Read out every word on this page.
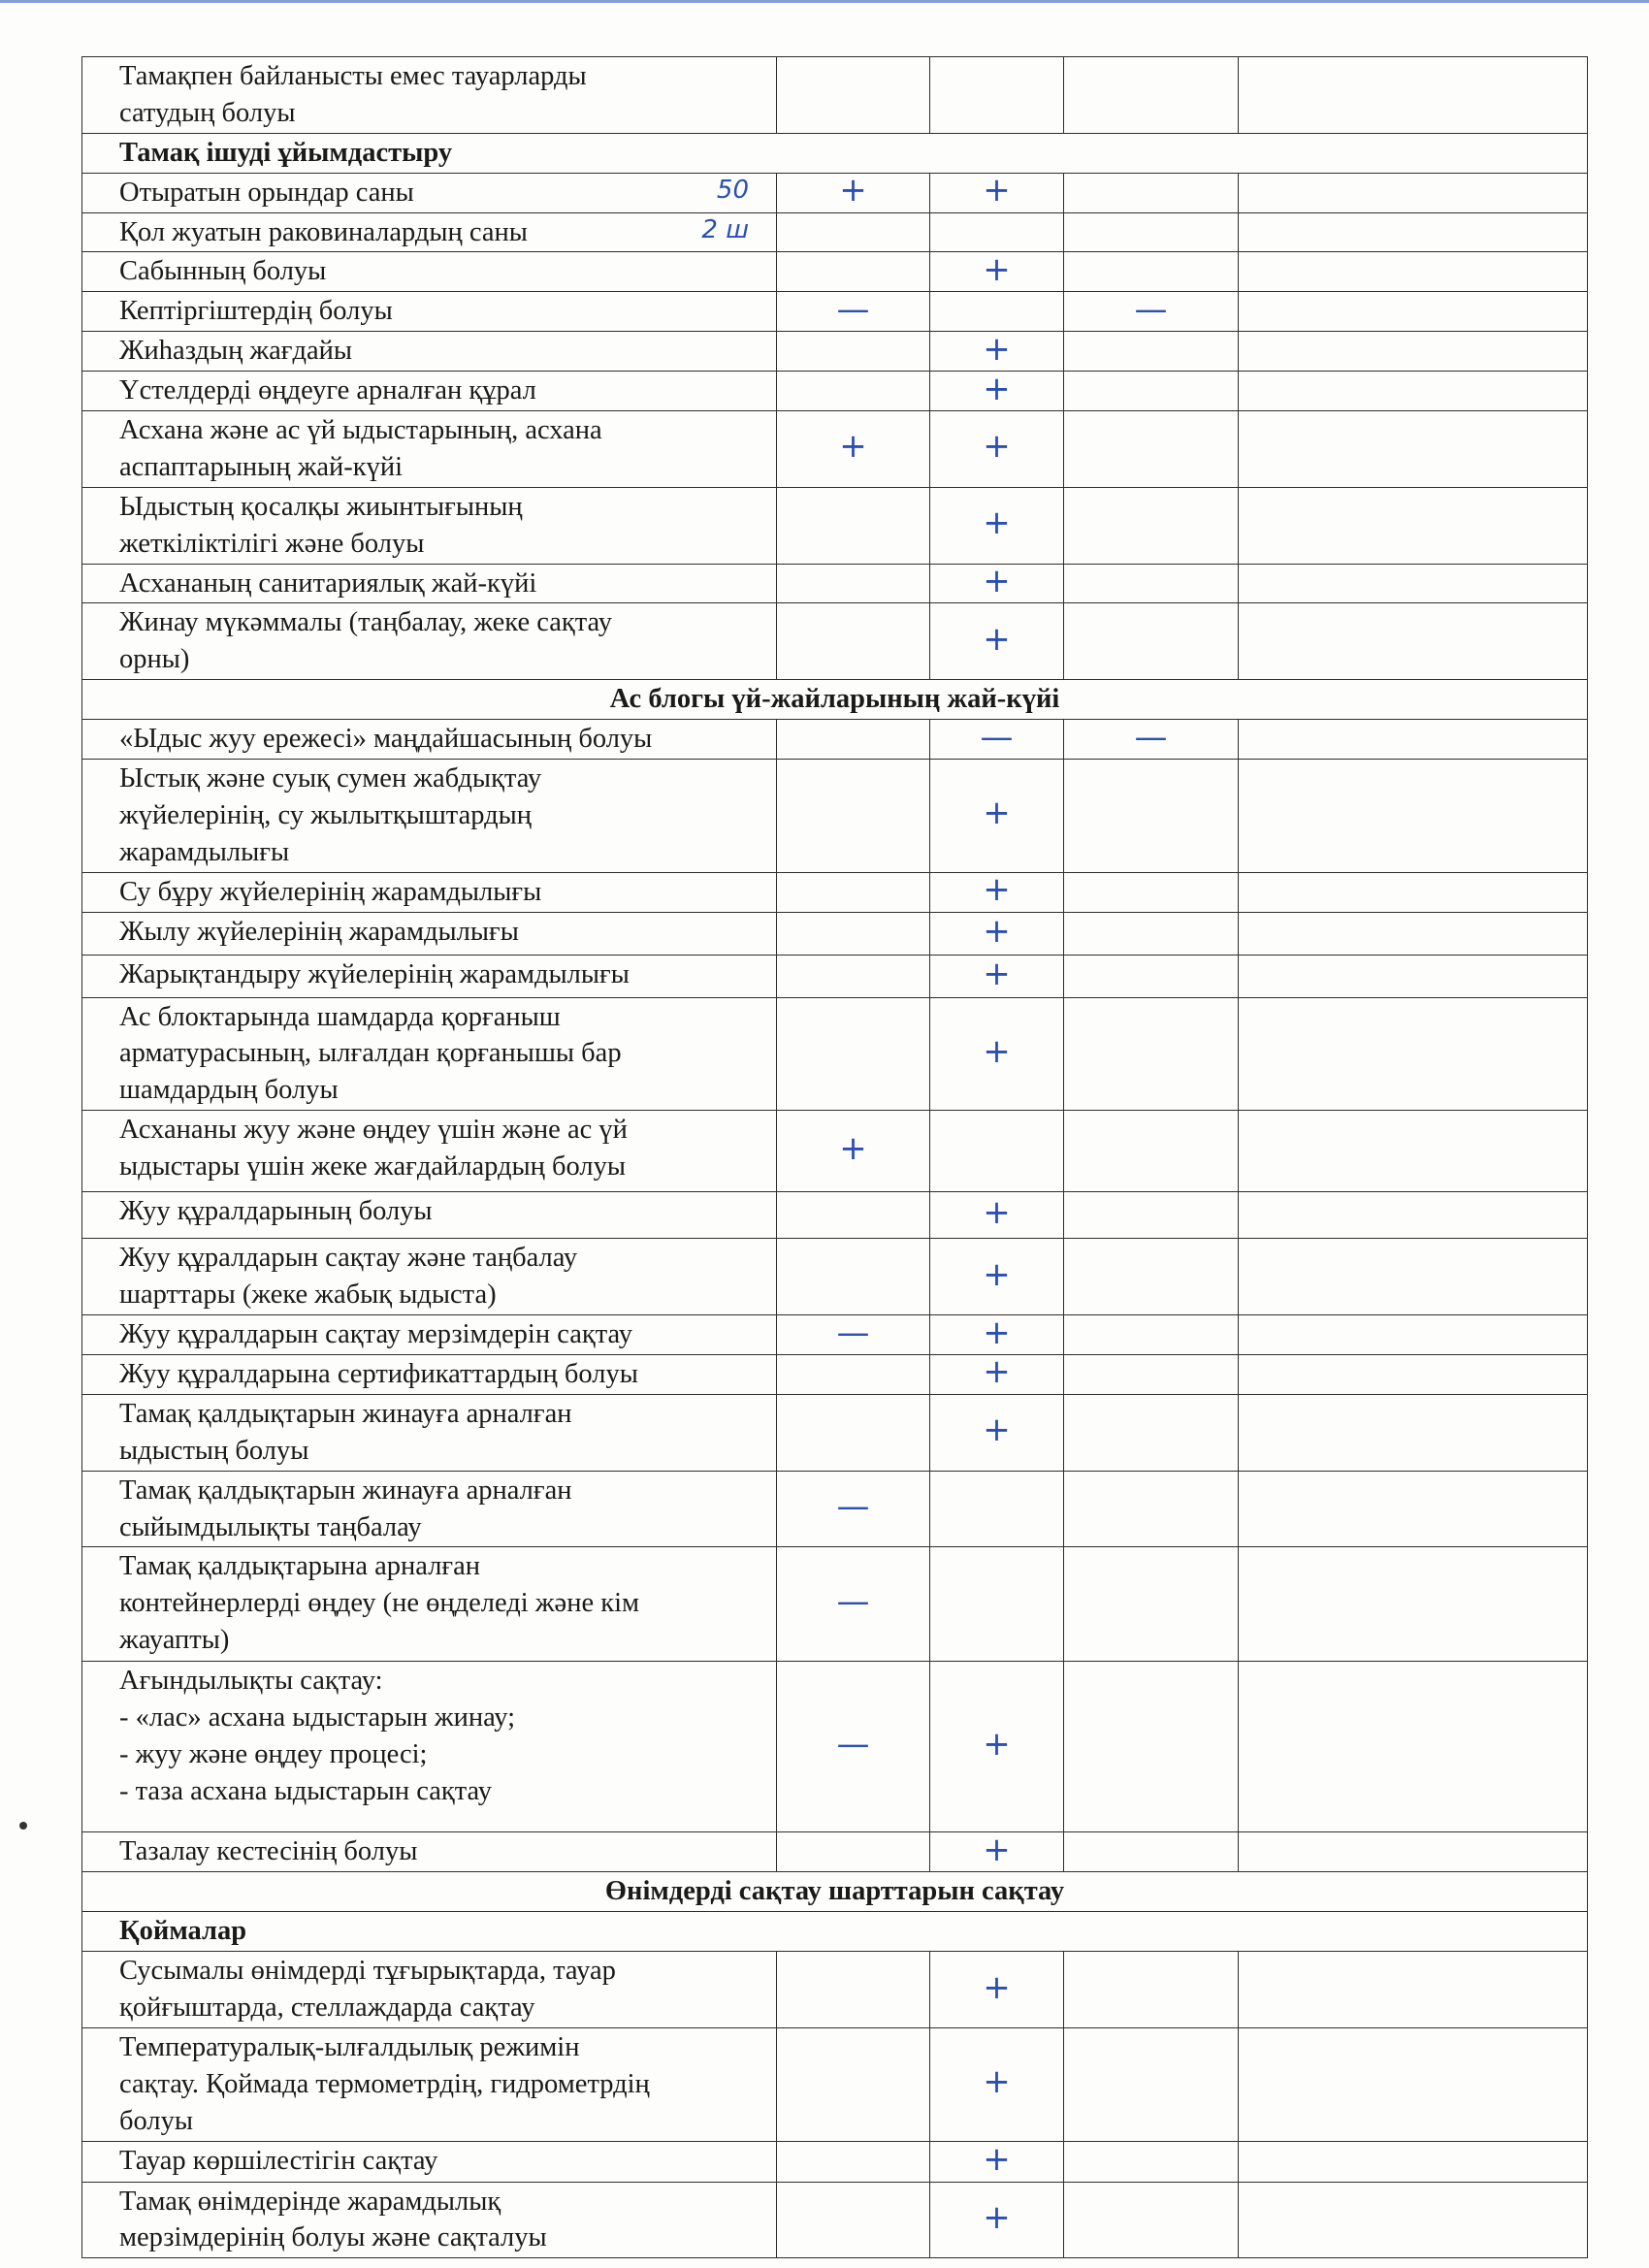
Тамақпен байланысты емес тауарларды
сатудың болуы					
Тамақ ішуді ұйымдастыру					
Отыратын орындар саны 50	+	+			
Қол жуатын раковиналардың саны 2 ш					

Сабынның болуы		+			
Кептіргіштердің болуы	—		—		
Жиһаздың жағдайы		+			
Үстелдерді өңдеуге арналған құрал		+			
Асхана және ас үй ыдыстарының, асхана
аспаптарының жай-күйі	+	+			
Ыдыстың қосалқы жиынтығының
жеткіліктілігі және болуы		+			
Асхананың санитариялық жай-күйі		+			
Жинау мүкәммалы (таңбалау, жеке сақтау
орны)		+			
Ас блогы үй-жайларының жай-күйі					
«Ыдыс жуу ережесі» маңдайшасының болуы		—	—		
Ыстық және суық сумен жабдықтау
жүйелерінің, су жылытқыштардың
жарамдылығы		+			
Су бұру жүйелерінің жарамдылығы		+			
Жылу жүйелерінің жарамдылығы		+			
Жарықтандыру жүйелерінің жарамдылығы		+			
Ас блоктарында шамдарда қорғаныш
арматурасының, ылғалдан қорғанышы бар
шамдардың болуы		+			
Асхананы жуу және өңдеу үшін және ас үй
ыдыстары үшін жеке жағдайлардың болуы	+				
Жуу құралдарының болуы		+			
Жуу құралдарын сақтау және таңбалау
шарттары (жеке жабық ыдыста)		+			
Жуу құралдарын сақтау мерзімдерін сақтау	—	+			
Жуу құралдарына сертификаттардың болуы		+			
Тамақ қалдықтарын жинауға арналған
ыдыстың болуы		+			
Тамақ қалдықтарын жинауға арналған
сыйымдылықты таңбалау	—				
Тамақ қалдықтарына арналған
контейнерлерді өңдеу (не өңделеді және кім
жауапты)	—				
Ағындылықты сақтау:
- «лас» асхана ыдыстарын жинау;
- жуу және өңдеу процесі;
- таза асхана ыдыстарын сақтау	—	+			
Тазалау кестесінің болуы		+			
Өнімдерді сақтау шарттарын сақтау					
Қоймалар					
Сусымалы өнімдерді тұғырықтарда, тауар
қойғыштарда, стеллаждарда сақтау		+			
Температуралық-ылғалдылық режимін
сақтау. Қоймада термометрдің, гидрометрдің
болуы		+			
Тауар көршілестігін сақтау		+			
Тамақ өнімдерінде жарамдылық
мерзімдерінің болуы және сақталуы		+			
